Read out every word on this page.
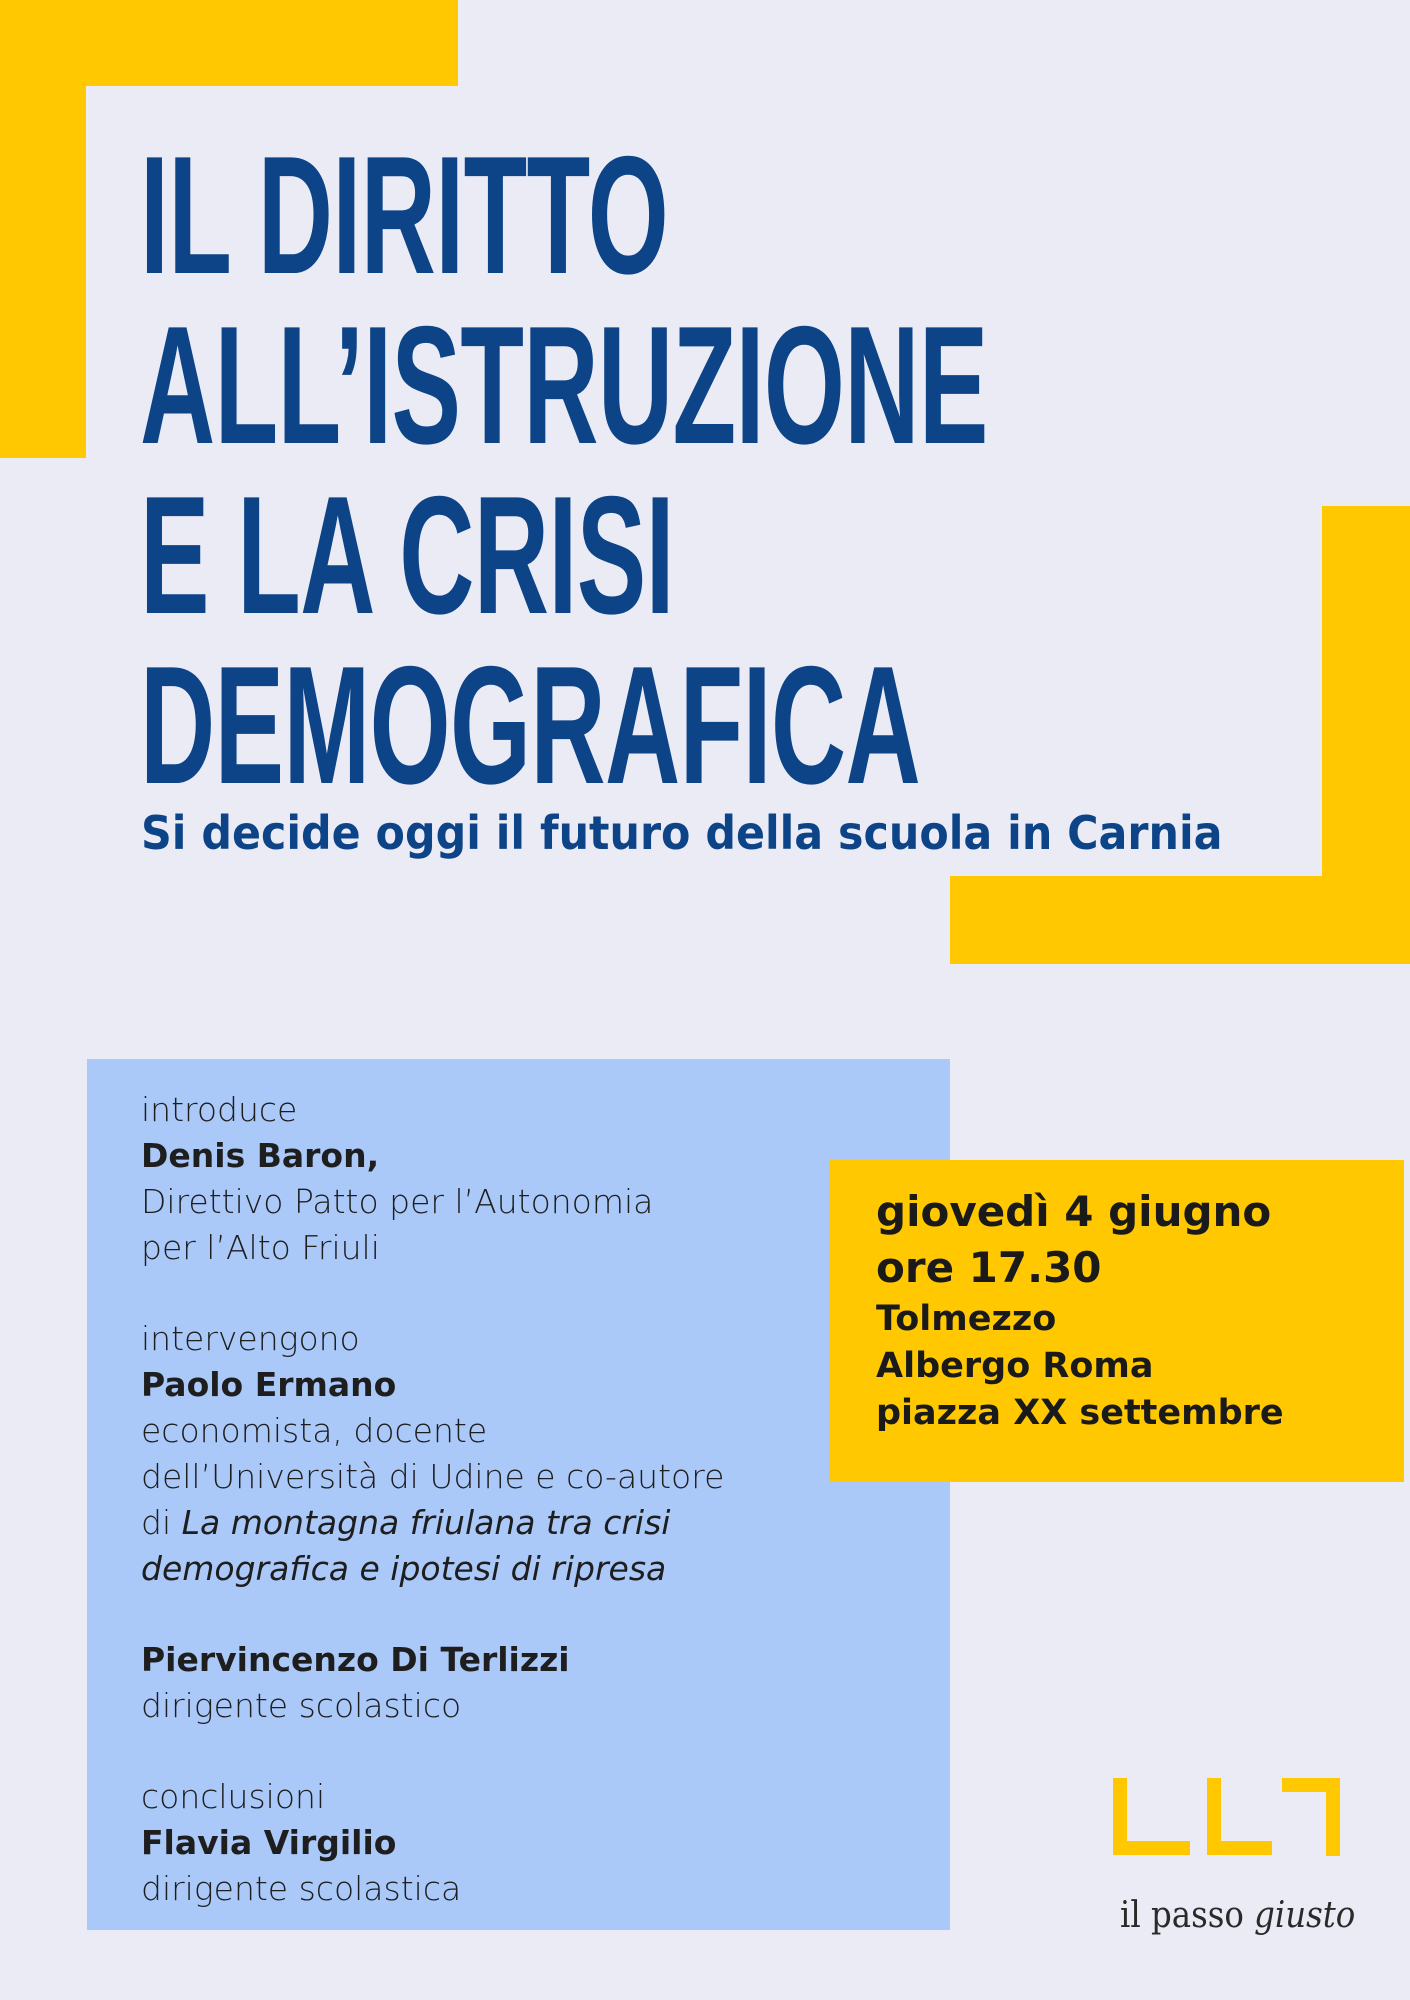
IL DIRITTO
ALL’ISTRUZIONE
E LA CRISI
DEMOGRAFICA

Si decide oggi il futuro della scuola in Carnia

introduce
Denis Baron,
Direttivo Patto per l’Autonomia
per l’Alto Friuli
intervengono
Paolo Ermano
economista, docente
dell’Università di Udine e co-autore
di La montagna friulana tra crisi
demografica e ipotesi di ripresa
Piervincenzo Di Terlizzi
dirigente scolastico
conclusioni
Flavia Virgilio
dirigente scolastica
giovedì 4 giugno
ore 17.30
Tolmezzo
Albergo Roma
piazza XX settembre
il passo giusto
